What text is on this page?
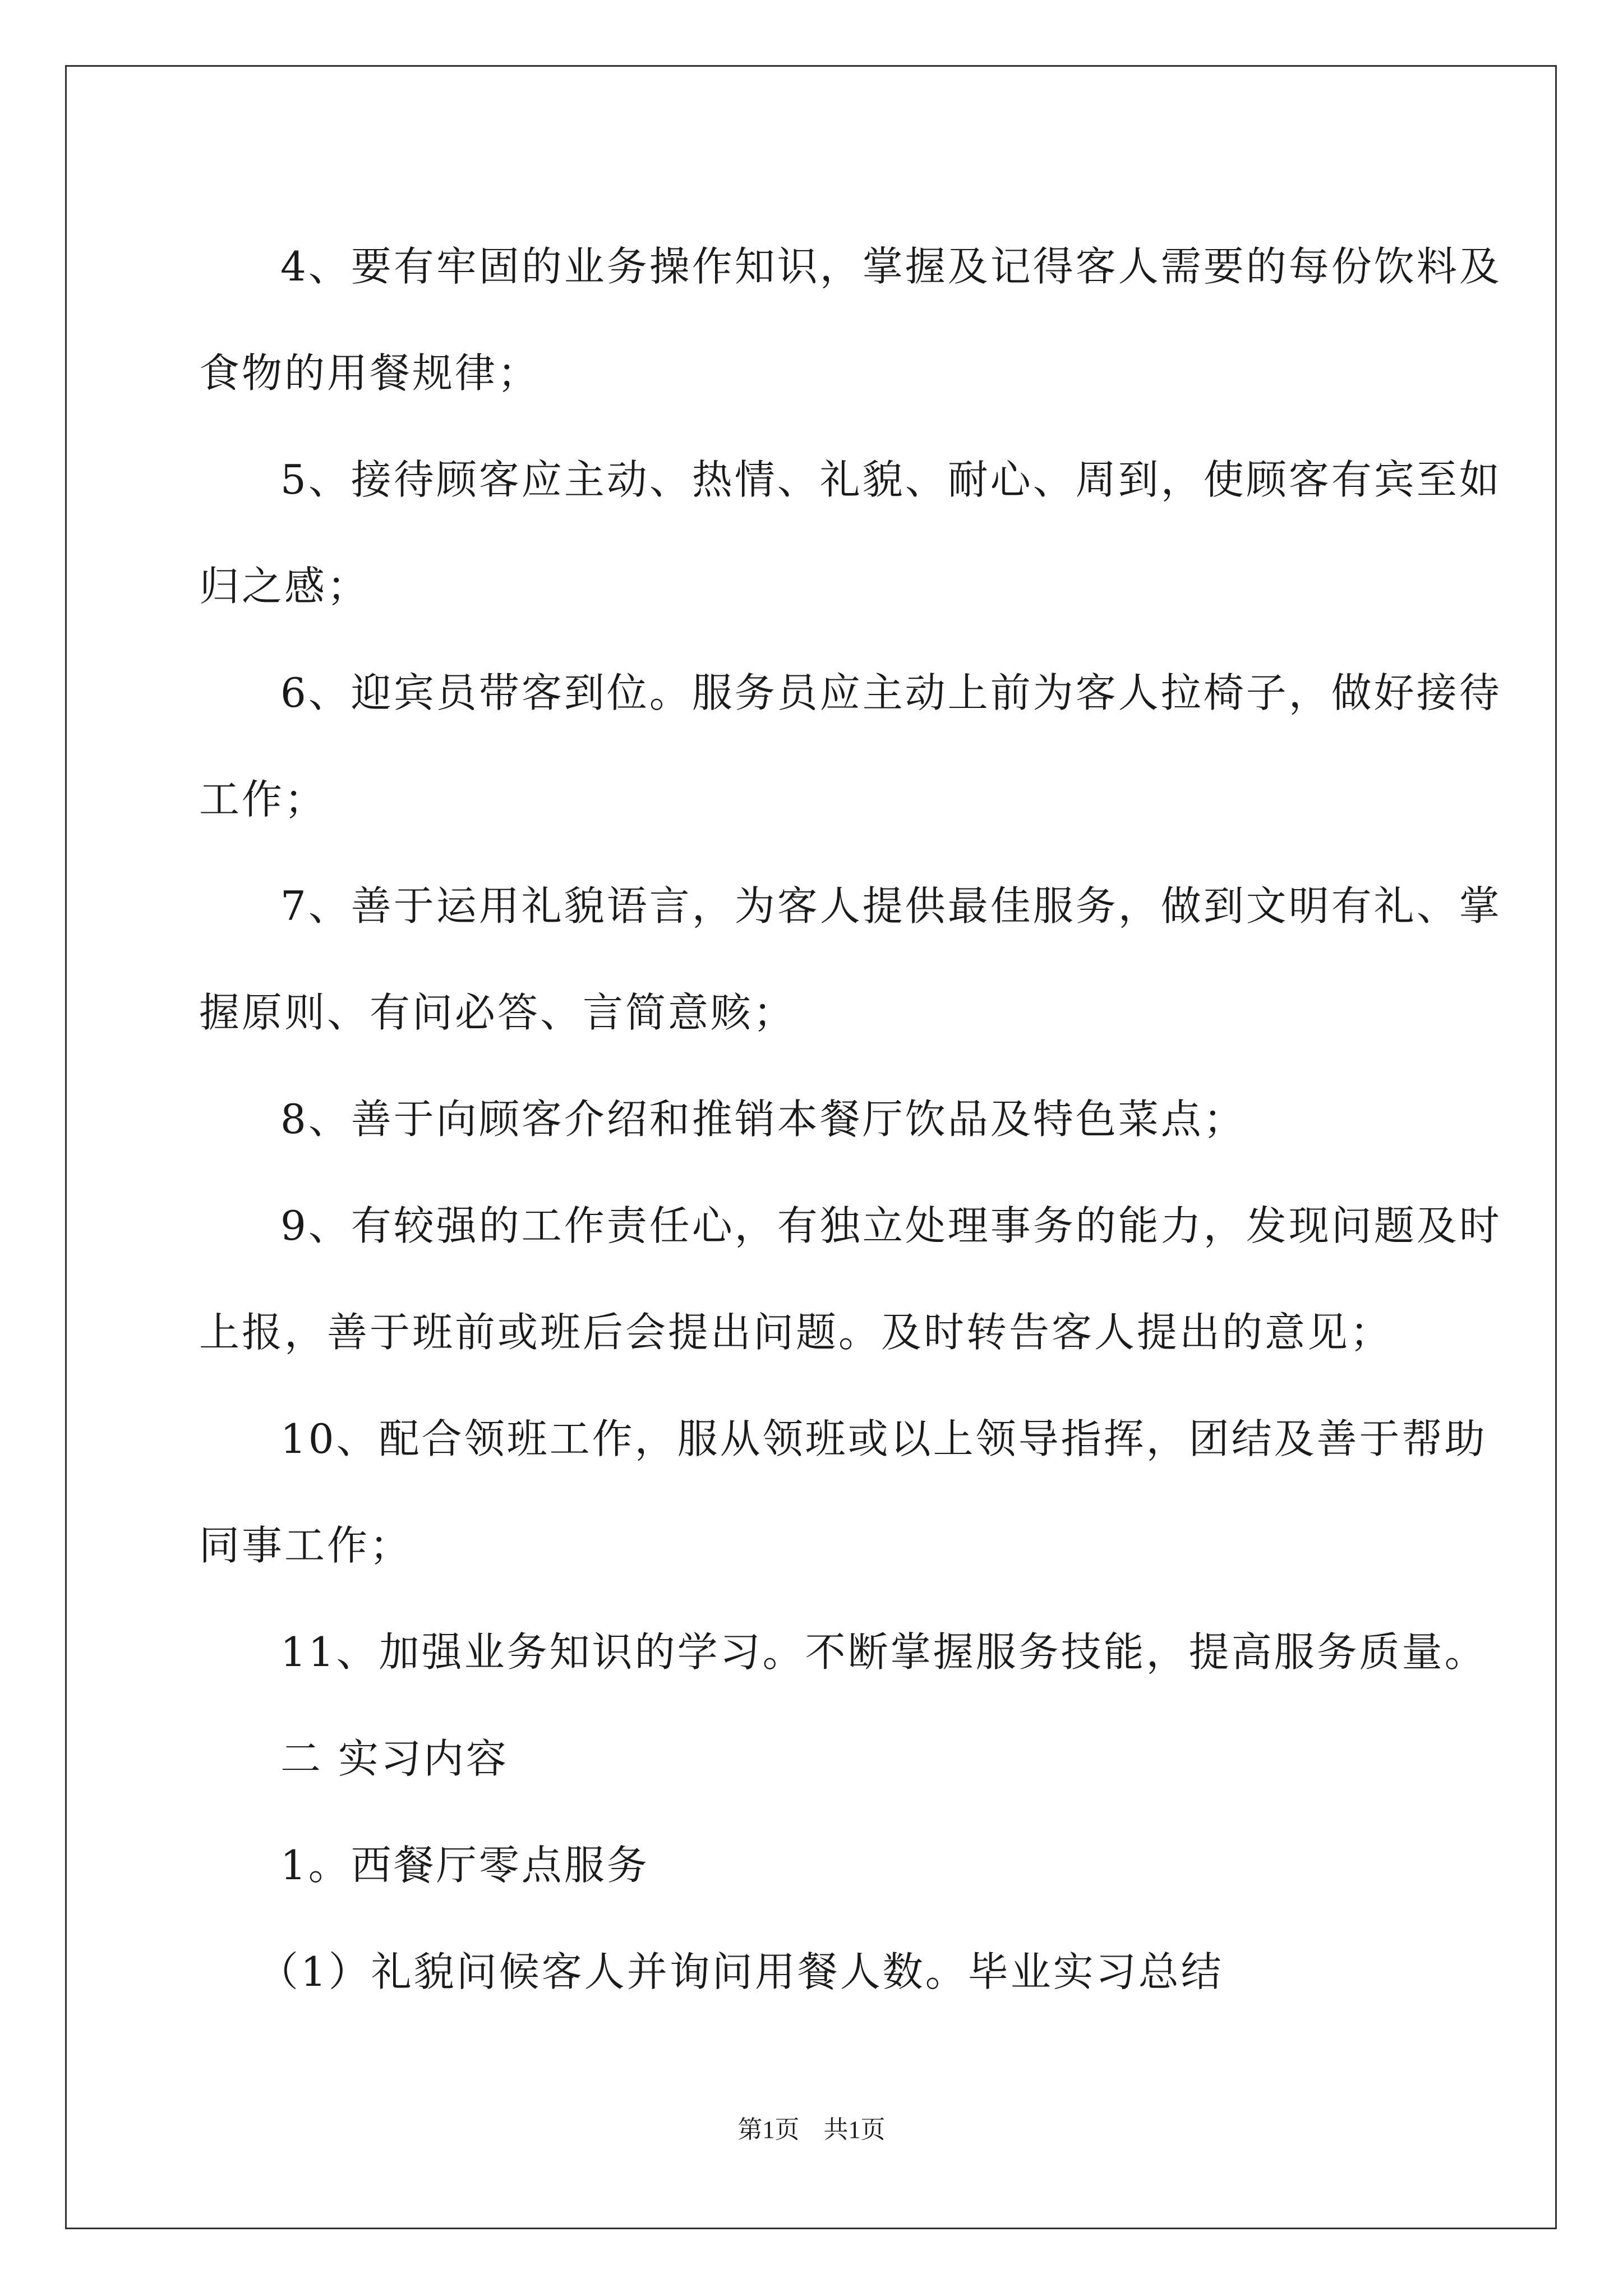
4、要有牢固的业务操作知识，掌握及记得客人需要的每份饮料及

食物的用餐规律；

5、接待顾客应主动、热情、礼貌、耐心、周到，使顾客有宾至如

归之感；

6、迎宾员带客到位。服务员应主动上前为客人拉椅子，做好接待

工作；

7、善于运用礼貌语言，为客人提供最佳服务，做到文明有礼、掌

握原则、有问必答、言简意赅；

8、善于向顾客介绍和推销本餐厅饮品及特色菜点；

9、有较强的工作责任心，有独立处理事务的能力，发现问题及时

上报，善于班前或班后会提出问题。及时转告客人提出的意见；

10、配合领班工作，服从领班或以上领导指挥，团结及善于帮助

同事工作；

11、加强业务知识的学习。不断掌握服务技能，提高服务质量。

二 实习内容

1。西餐厅零点服务

（1）礼貌问候客人并询问用餐人数。毕业实习总结

第1页 共1页
